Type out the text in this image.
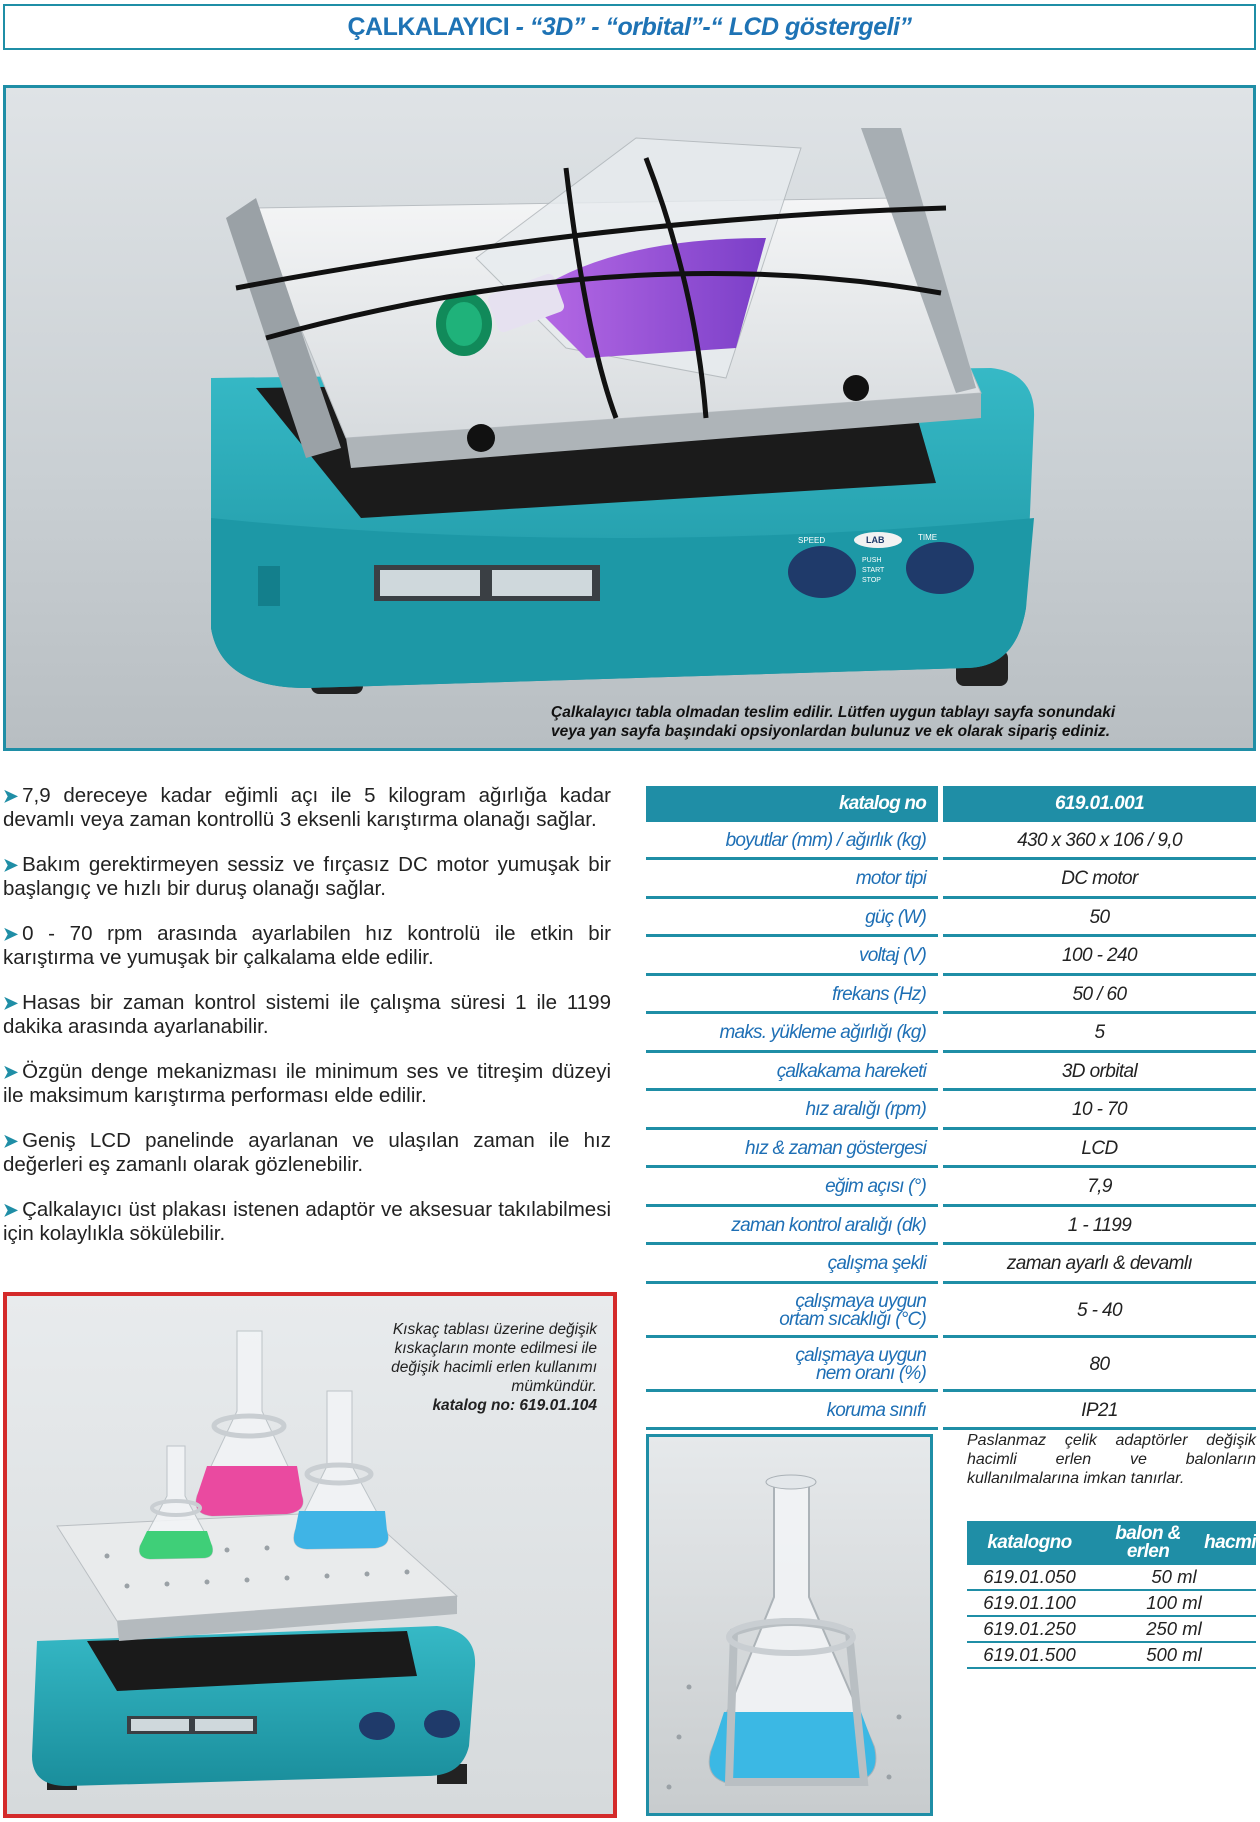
ÇALKALAYICI - “3D” - “orbital”-“ LCD göstergeli”
SPEED	TIME
PUSH
START
STOP
LAB
Çalkalayıcı tabla olmadan teslim edilir. Lütfen uygun tablayı sayfa sonundaki
veya yan sayfa başındaki opsiyonlardan bulunuz ve ek olarak sipariş ediniz.

➤ 7,9 dereceye kadar eğimli açı ile 5 kilogram ağırlığa kadar devamlı veya zaman kontrollü 3 eksenli karıştırma olanağı sağlar.

➤ Bakım gerektirmeyen sessiz ve fırçasız DC motor yumuşak bir başlangıç ve hızlı bir duruş olanağı sağlar.

➤ 0 - 70 rpm arasında ayarlabilen hız kontrolü ile etkin bir karıştırma ve yumuşak bir çalkalama elde edilir.

➤ Hasas bir zaman kontrol sistemi ile çalışma süresi 1 ile 1199 dakika arasında ayarlanabilir.

➤ Özgün denge mekanizması ile minimum ses ve titreşim düzeyi ile maksimum karıştırma performası elde edilir.

➤ Geniş LCD panelinde ayarlanan ve ulaşılan zaman ile hız değerleri eş zamanlı olarak gözlenebilir.

➤ Çalkalayıcı üst plakası istenen adaptör ve aksesuar takılabilmesi için kolaylıkla sökülebilir.

katalog no	619.01.001
boyutlar (mm) / ağırlık (kg)	430 x 360 x 106 / 9,0
motor tipi	DC motor
güç (W)	50
voltaj (V)	100 - 240
frekans (Hz)	50 / 60
maks. yükleme ağırlığı (kg)	5
çalkakama hareketi	3D orbital
hız aralığı (rpm)	10 - 70
hız & zaman göstergesi	LCD
eğim açısı (°)	7,9
zaman kontrol aralığı (dk)	1 - 1199
çalışma şekli	zaman ayarlı & devamlı
çalışmaya uygun
ortam sıcaklığı (°C)	5 - 40
çalışmaya uygun
nem oranı (%)	80
koruma sınıfı	IP21
Kıskaç tablası üzerine değişik
kıskaçların monte edilmesi ile
değişik hacimli erlen kullanımı
mümkündür.
katalog no: 619.01.104
Paslanmaz çelik adaptörler değişik hacimli erlen ve balonların kullanılmalarına imkan tanırlar.
katalog no	balon & erlen	hacmi
619.01.050	50 ml
619.01.100	100 ml
619.01.250	250 ml
619.01.500	500 ml
